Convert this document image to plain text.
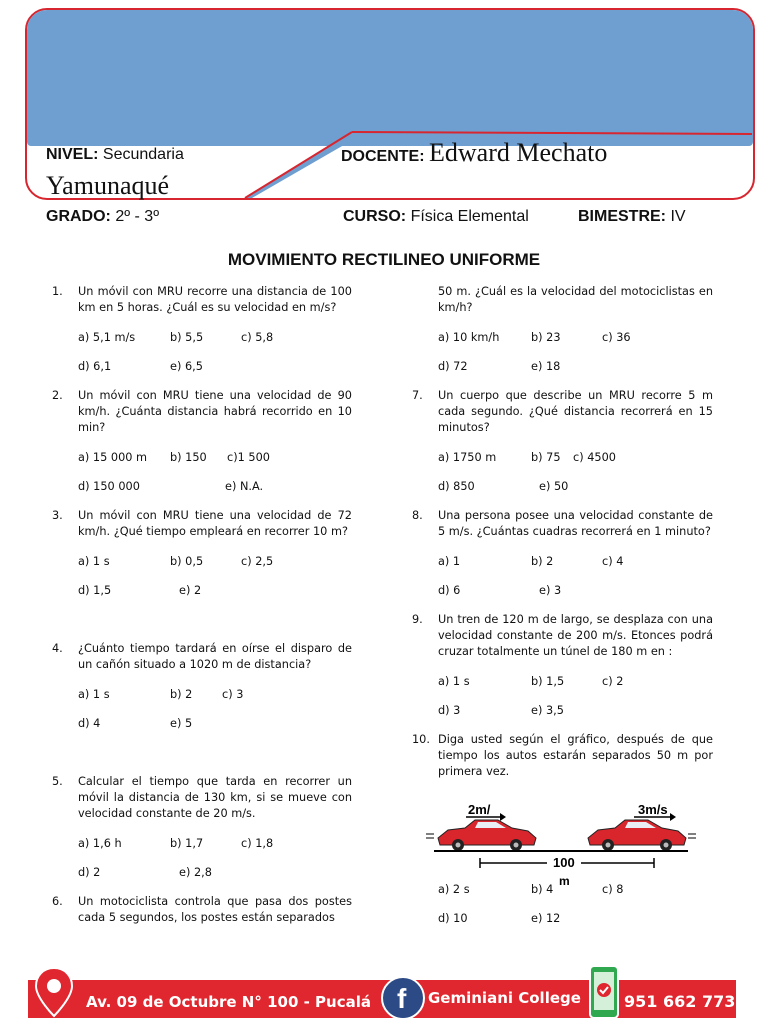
NIVEL: Secundaria	DOCENTE: Edward Mechato
Yamunaqué
GRADO: 2º - 3º	CURSO: Física Elemental	BIMESTRE: IV
MOVIMIENTO RECTILINEO UNIFORME
1. Un móvil con MRU recorre una distancia de 100 km en 5 horas. ¿Cuál es su velocidad en m/s?
a) 5,1 m/s	b) 5,5	c) 5,8
d) 6,1	e) 6,5
2. Un móvil con MRU tiene una velocidad de 90 km/h. ¿Cuánta distancia habrá recorrido en 10 min?
a) 15 000 m b) 150 c)1 500
d) 150 000	e) N.A.
3. Un móvil con MRU tiene una velocidad de 72 km/h. ¿Qué tiempo empleará en recorrer 10 m?
a) 1 s	b) 0,5	c) 2,5
d) 1,5	e) 2
4. ¿Cuánto tiempo tardará en oírse el disparo de un cañón situado a 1020 m de distancia?
a) 1 s	b) 2	c) 3
d) 4	e) 5
5. Calcular el tiempo que tarda en recorrer un móvil la distancia de 130 km, si se mueve con velocidad constante de 20 m/s.
a) 1,6 h	b) 1,7	c) 1,8
d) 2	e) 2,8
6. Un motociclista controla que pasa dos postes cada 5 segundos, los postes están separados
50 m. ¿Cuál es la velocidad del motociclistas en km/h?
a) 10 km/h	b) 23	c) 36
d) 72	e) 18
7. Un cuerpo que describe un MRU recorre 5 m cada segundo. ¿Qué distancia recorrerá en 15 minutos?
a) 1750 m	b) 75 c) 4500
d) 850	e) 50
8. Una persona posee una velocidad constante de 5 m/s. ¿Cuántas cuadras recorrerá en 1 minuto?
a) 1	b) 2	c) 4
d) 6	e) 3
9. Un tren de 120 m de largo, se desplaza con una velocidad constante de 200 m/s. Etonces podrá cruzar totalmente un túnel de 180 m en :
a) 1 s	b) 1,5	c) 2
d) 3	e) 3,5
10. Diga usted según el gráfico, después de que tiempo los autos estarán separados 50 m por primera vez.
2m/	3m/s
100
m
a) 2 s	b) 4	c) 8
d) 10	e) 12
Av. 09 de Octubre N° 100 - Pucalá f Geminiani College	951 662 773
